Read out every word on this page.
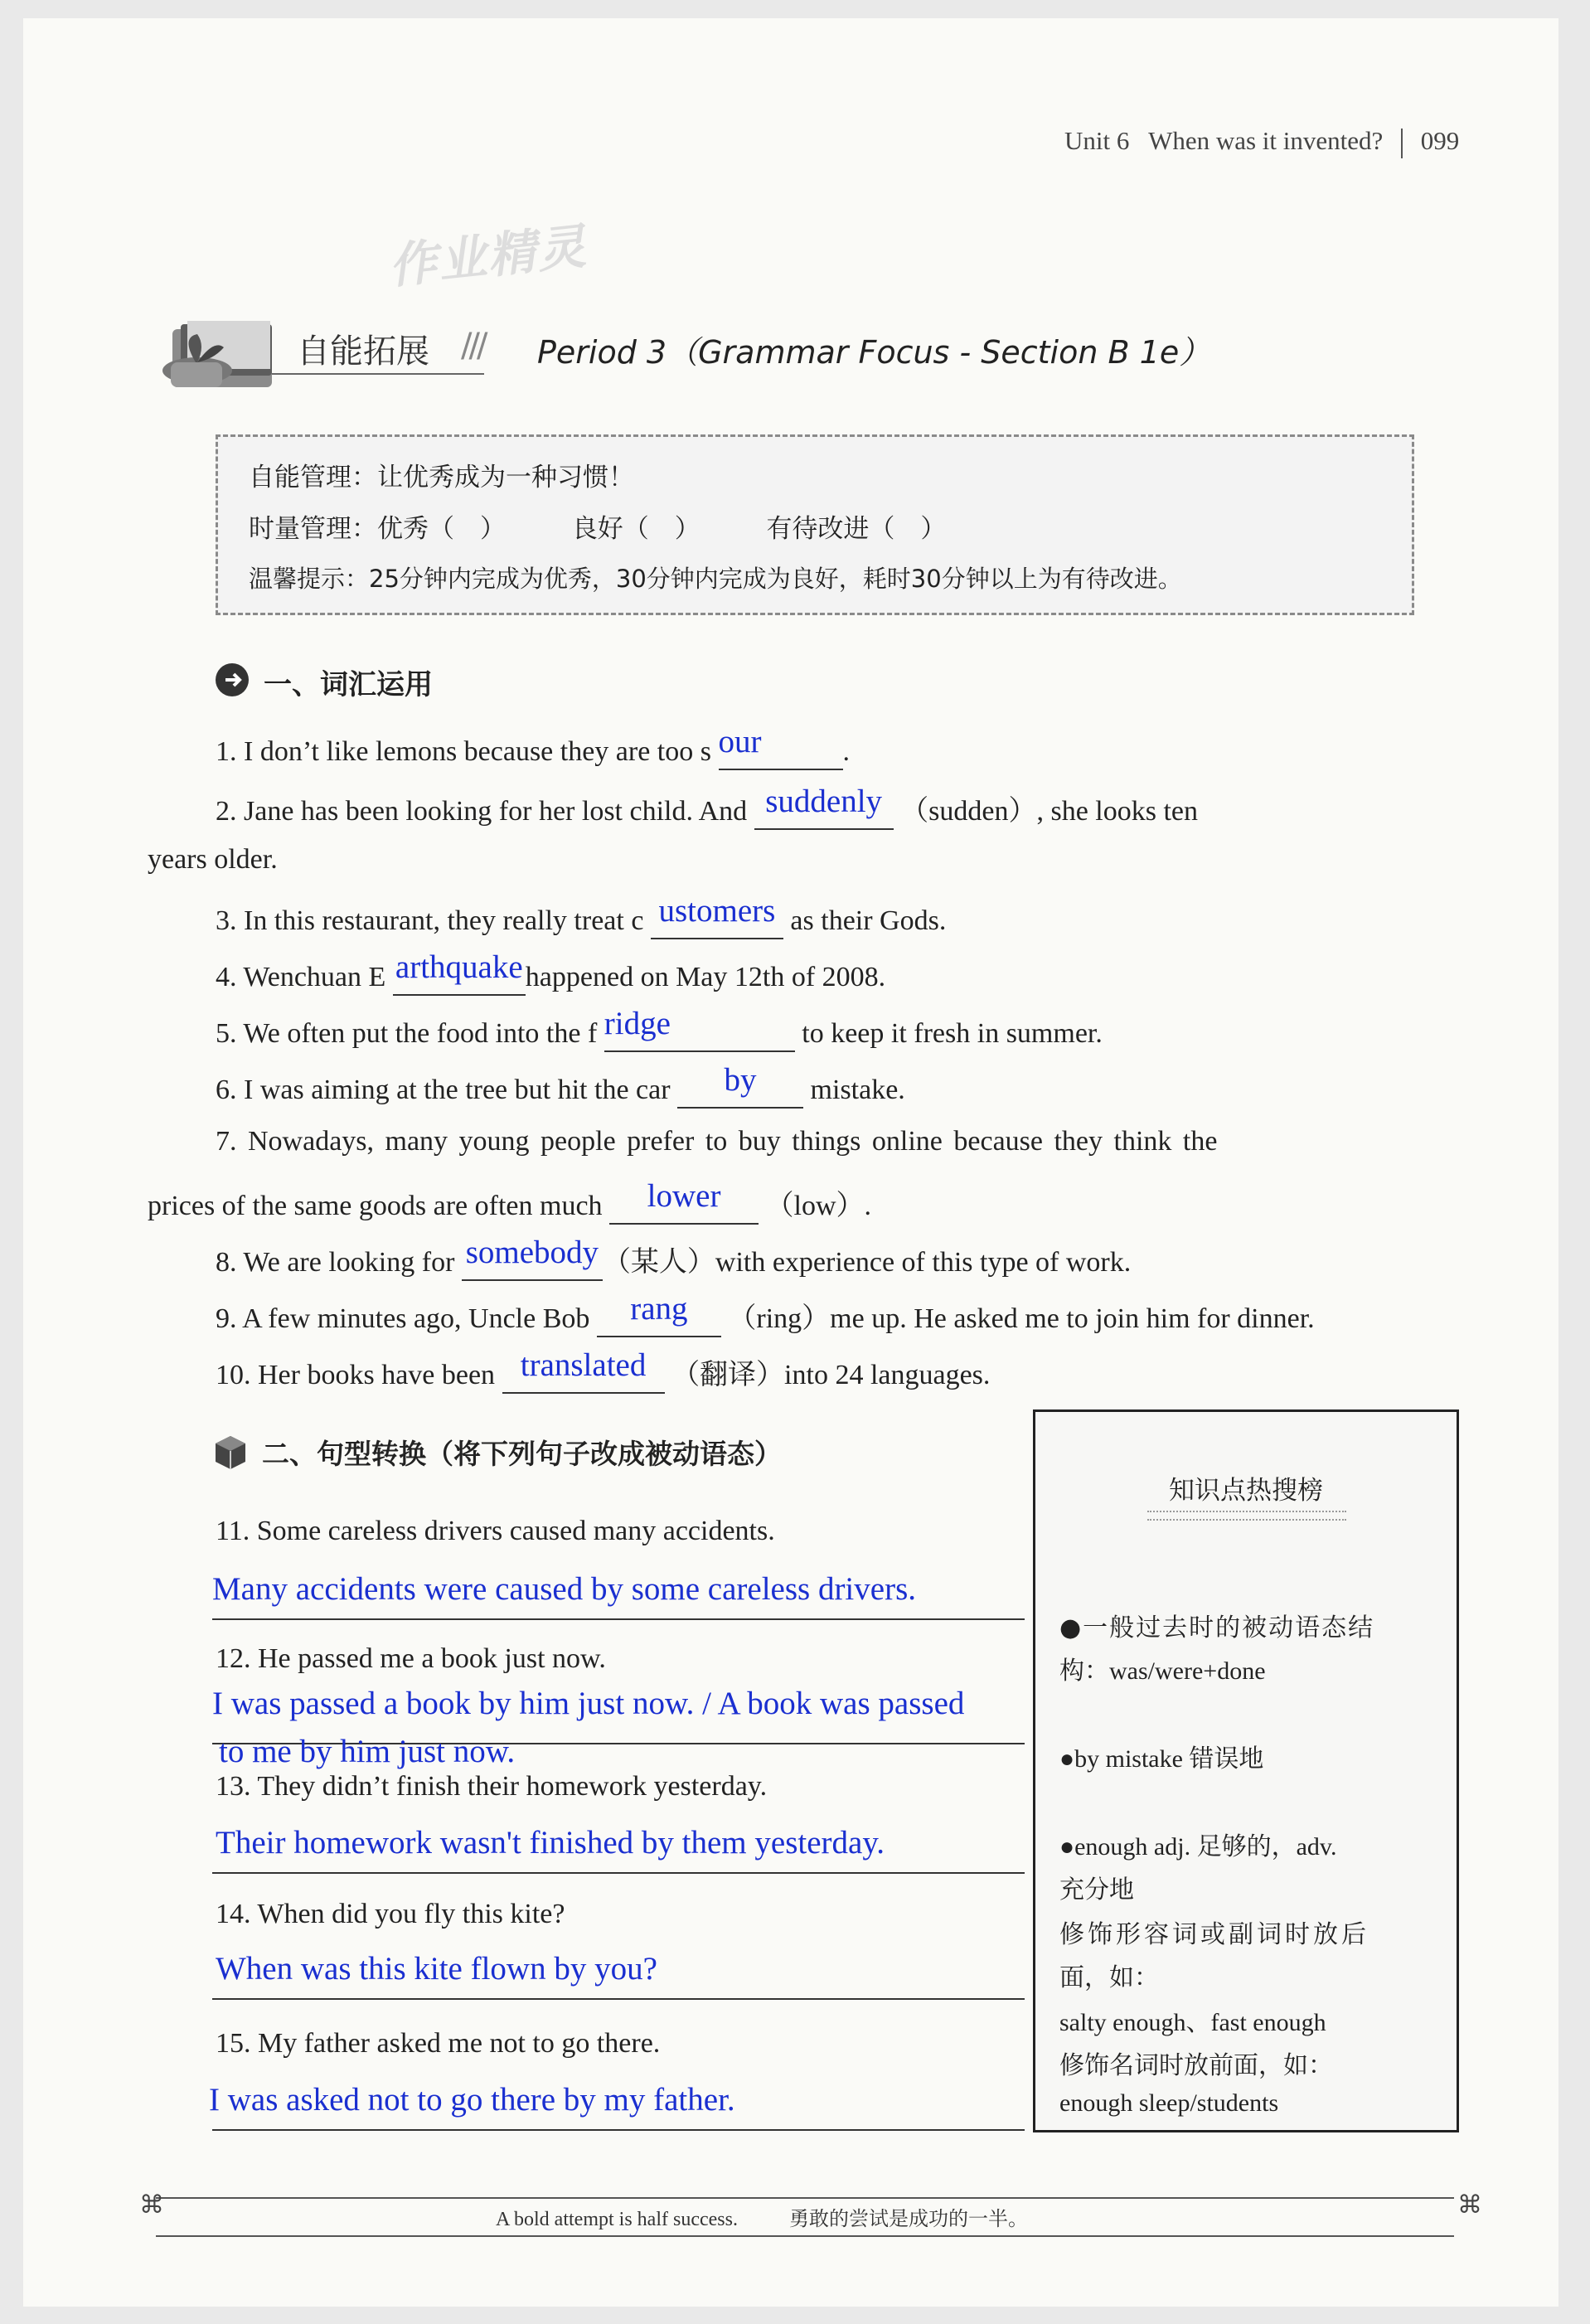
Unit 6 When was it invented? 099
作业精灵
自能拓展 /// Period 3（Grammar Focus - Section B 1e）
自能管理：让优秀成为一种习惯！
时量管理：优秀（　）	良好（　）	有待改进（　）
温馨提示：25分钟内完成为优秀，30分钟内完成为良好，耗时30分钟以上为有待改进。
一、词汇运用
1. I don’t like lemons because they are too s our	.
2. Jane has been looking for her lost child. And suddenly （sudden）, she looks ten
years older.
3. In this restaurant, they really treat c ustomers as their Gods.
4. Wenchuan E arthquakehappened on May 12th of 2008.
5. We often put the food into the f ridge	to keep it fresh in summer.
6. I was aiming at the tree but hit the car by mistake.
7. Nowadays, many young people prefer to buy things online because they think the
prices of the same goods are often much lower （low）.
8. We are looking for somebody （某人）with experience of this type of work.
9. A few minutes ago, Uncle Bob rang （ring）me up. He asked me to join him for dinner.
10. Her books have been translated （翻译）into 24 languages.
二、句型转换（将下列句子改成被动语态）
11. Some careless drivers caused many accidents.
Many accidents were caused by some careless drivers.
12. He passed me a book just now.
I was passed a book by him just now. / A book was passed
to me by him just now.
13. They didn’t finish their homework yesterday.
Their homework wasn't finished by them yesterday.
14. When did you fly this kite?
When was this kite flown by you?
15. My father asked me not to go there.
I was asked not to go there by my father.
知识点热搜榜
●一般过去时的被动语态结
构：was/were+done
●by mistake 错误地
●enough adj. 足够的，adv.
充分地
修饰形容词或副词时放后
面，如：
salty enough、fast enough
修饰名词时放前面，如：
enough sleep/students
⌘	⌘
A bold attempt is half success.	勇敢的尝试是成功的一半。
